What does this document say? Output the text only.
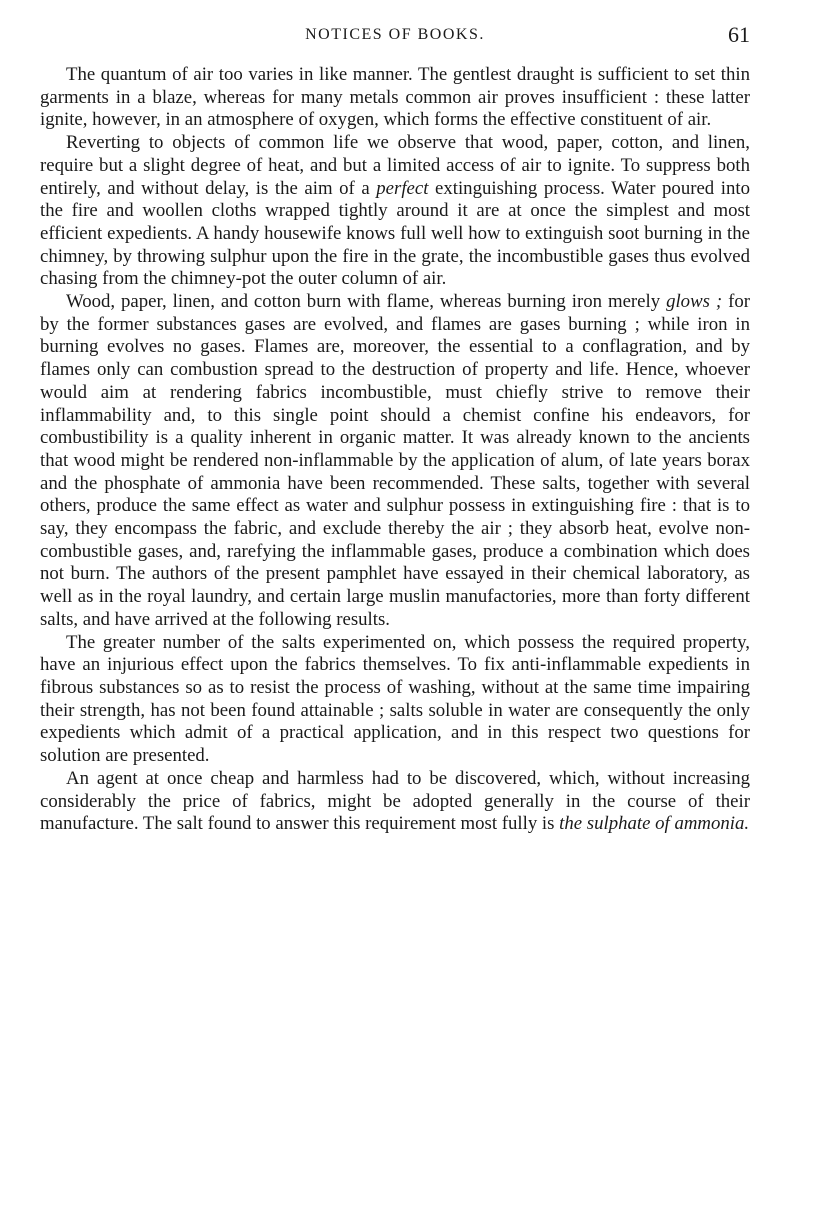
NOTICES OF BOOKS.	61

The quantum of air too varies in like manner. The gentlest draught is sufficient to set thin garments in a blaze, whereas for many metals common air proves insufficient : these latter ignite, however, in an atmosphere of oxygen, which forms the effective constituent of air.

Reverting to objects of common life we observe that wood, paper, cotton, and linen, require but a slight degree of heat, and but a limited access of air to ignite. To suppress both entirely, and without delay, is the aim of a perfect extinguishing process. Water poured into the fire and woollen cloths wrapped tightly around it are at once the simplest and most efficient expedients. A handy housewife knows full well how to extinguish soot burning in the chimney, by throwing sulphur upon the fire in the grate, the incombustible gases thus evolved chasing from the chimney-pot the outer column of air.

Wood, paper, linen, and cotton burn with flame, whereas burning iron merely glows ; for by the former substances gases are evolved, and flames are gases burning ; while iron in burning evolves no gases. Flames are, moreover, the essential to a conflagration, and by flames only can combustion spread to the destruction of property and life. Hence, whoever would aim at rendering fabrics incombustible, must chiefly strive to remove their inflammability and, to this single point should a chemist confine his endeavors, for combustibility is a quality inherent in organic matter. It was already known to the ancients that wood might be rendered non-inflammable by the application of alum, of late years borax and the phosphate of ammonia have been recommended. These salts, together with several others, produce the same effect as water and sulphur possess in extinguishing fire : that is to say, they encompass the fabric, and exclude thereby the air ; they absorb heat, evolve non-combustible gases, and, rarefying the inflammable gases, produce a combination which does not burn. The authors of the present pamphlet have essayed in their chemical laboratory, as well as in the royal laundry, and certain large muslin manufactories, more than forty different salts, and have arrived at the following results.

The greater number of the salts experimented on, which possess the required property, have an injurious effect upon the fabrics themselves. To fix anti-inflammable expedients in fibrous substances so as to resist the process of washing, without at the same time impairing their strength, has not been found attainable ; salts soluble in water are consequently the only expedients which admit of a practical application, and in this respect two questions for solution are presented.

An agent at once cheap and harmless had to be discovered, which, without increasing considerably the price of fabrics, might be adopted generally in the course of their manufacture. The salt found to answer this requirement most fully is the sulphate of ammonia.
